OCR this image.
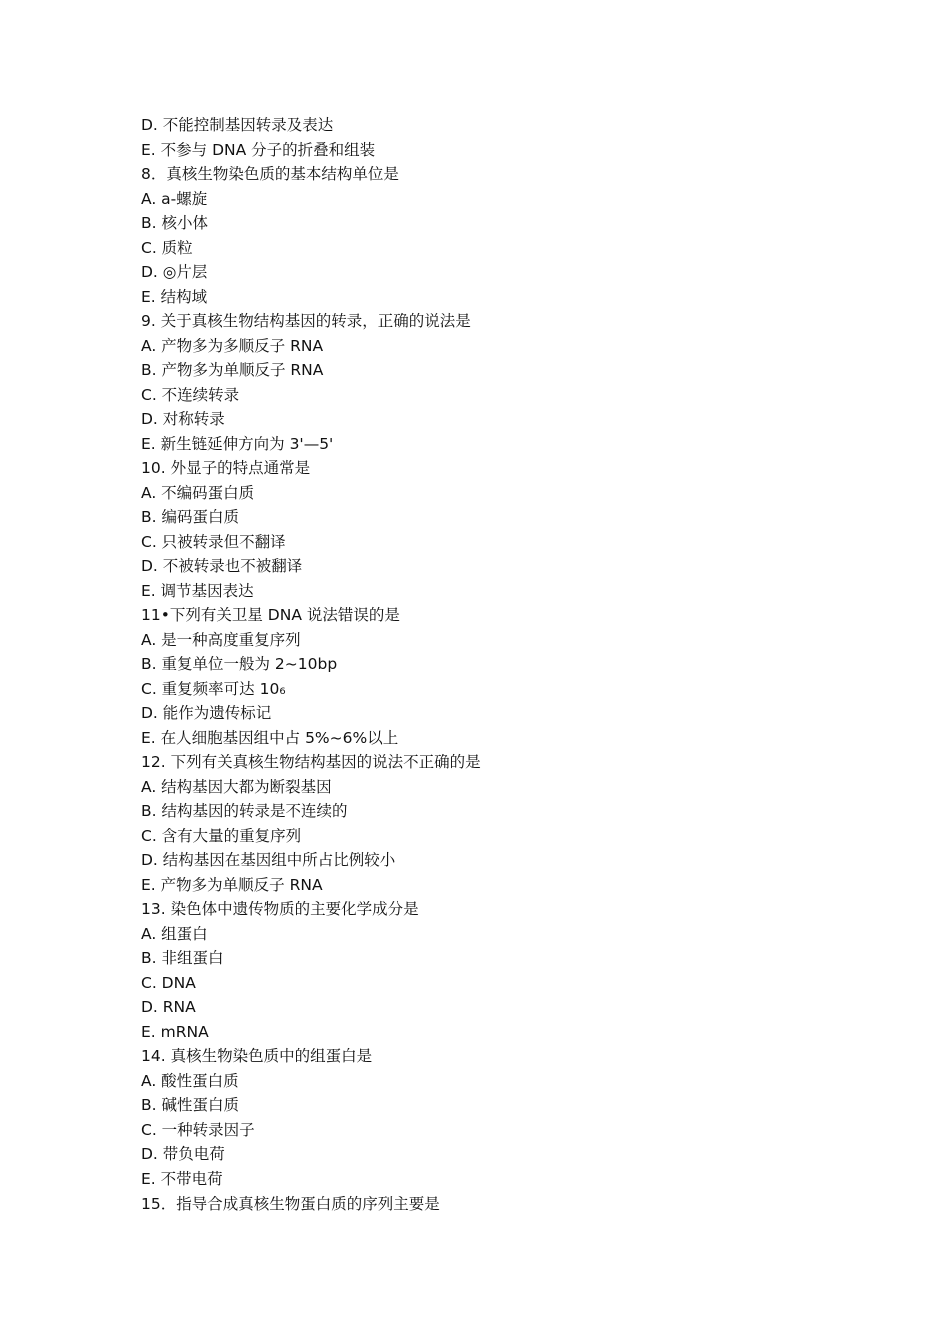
D. 不能控制基因转录及表达
E. 不参与 DNA 分子的折叠和组装
8．真核生物染色质的基本结构单位是
A. a-螺旋
B. 核小体
C. 质粒
D. ◎片层
E. 结构域
9. 关于真核生物结构基因的转录，正确的说法是
A. 产物多为多顺反子 RNA
B. 产物多为单顺反子 RNA
C. 不连续转录
D. 对称转录
E. 新生链延伸方向为 3'—5'
10. 外显子的特点通常是
A. 不编码蛋白质
B. 编码蛋白质
C. 只被转录但不翻译
D. 不被转录也不被翻译
E. 调节基因表达
11•下列有关卫星 DNA 说法错误的是
A. 是一种高度重复序列
B. 重复单位一般为 2~10bp
C. 重复频率可达 10₆
D. 能作为遗传标记
E. 在人细胞基因组中占 5%~6%以上
12. 下列有关真核生物结构基因的说法不正确的是
A. 结构基因大都为断裂基因
B. 结构基因的转录是不连续的
C. 含有大量的重复序列
D. 结构基因在基因组中所占比例较小
E. 产物多为单顺反子 RNA
13. 染色体中遗传物质的主要化学成分是
A. 组蛋白
B. 非组蛋白
C. DNA
D. RNA
E. mRNA
14. 真核生物染色质中的组蛋白是
A. 酸性蛋白质
B. 碱性蛋白质
C. 一种转录因子
D. 带负电荷
E. 不带电荷
15．指导合成真核生物蛋白质的序列主要是
